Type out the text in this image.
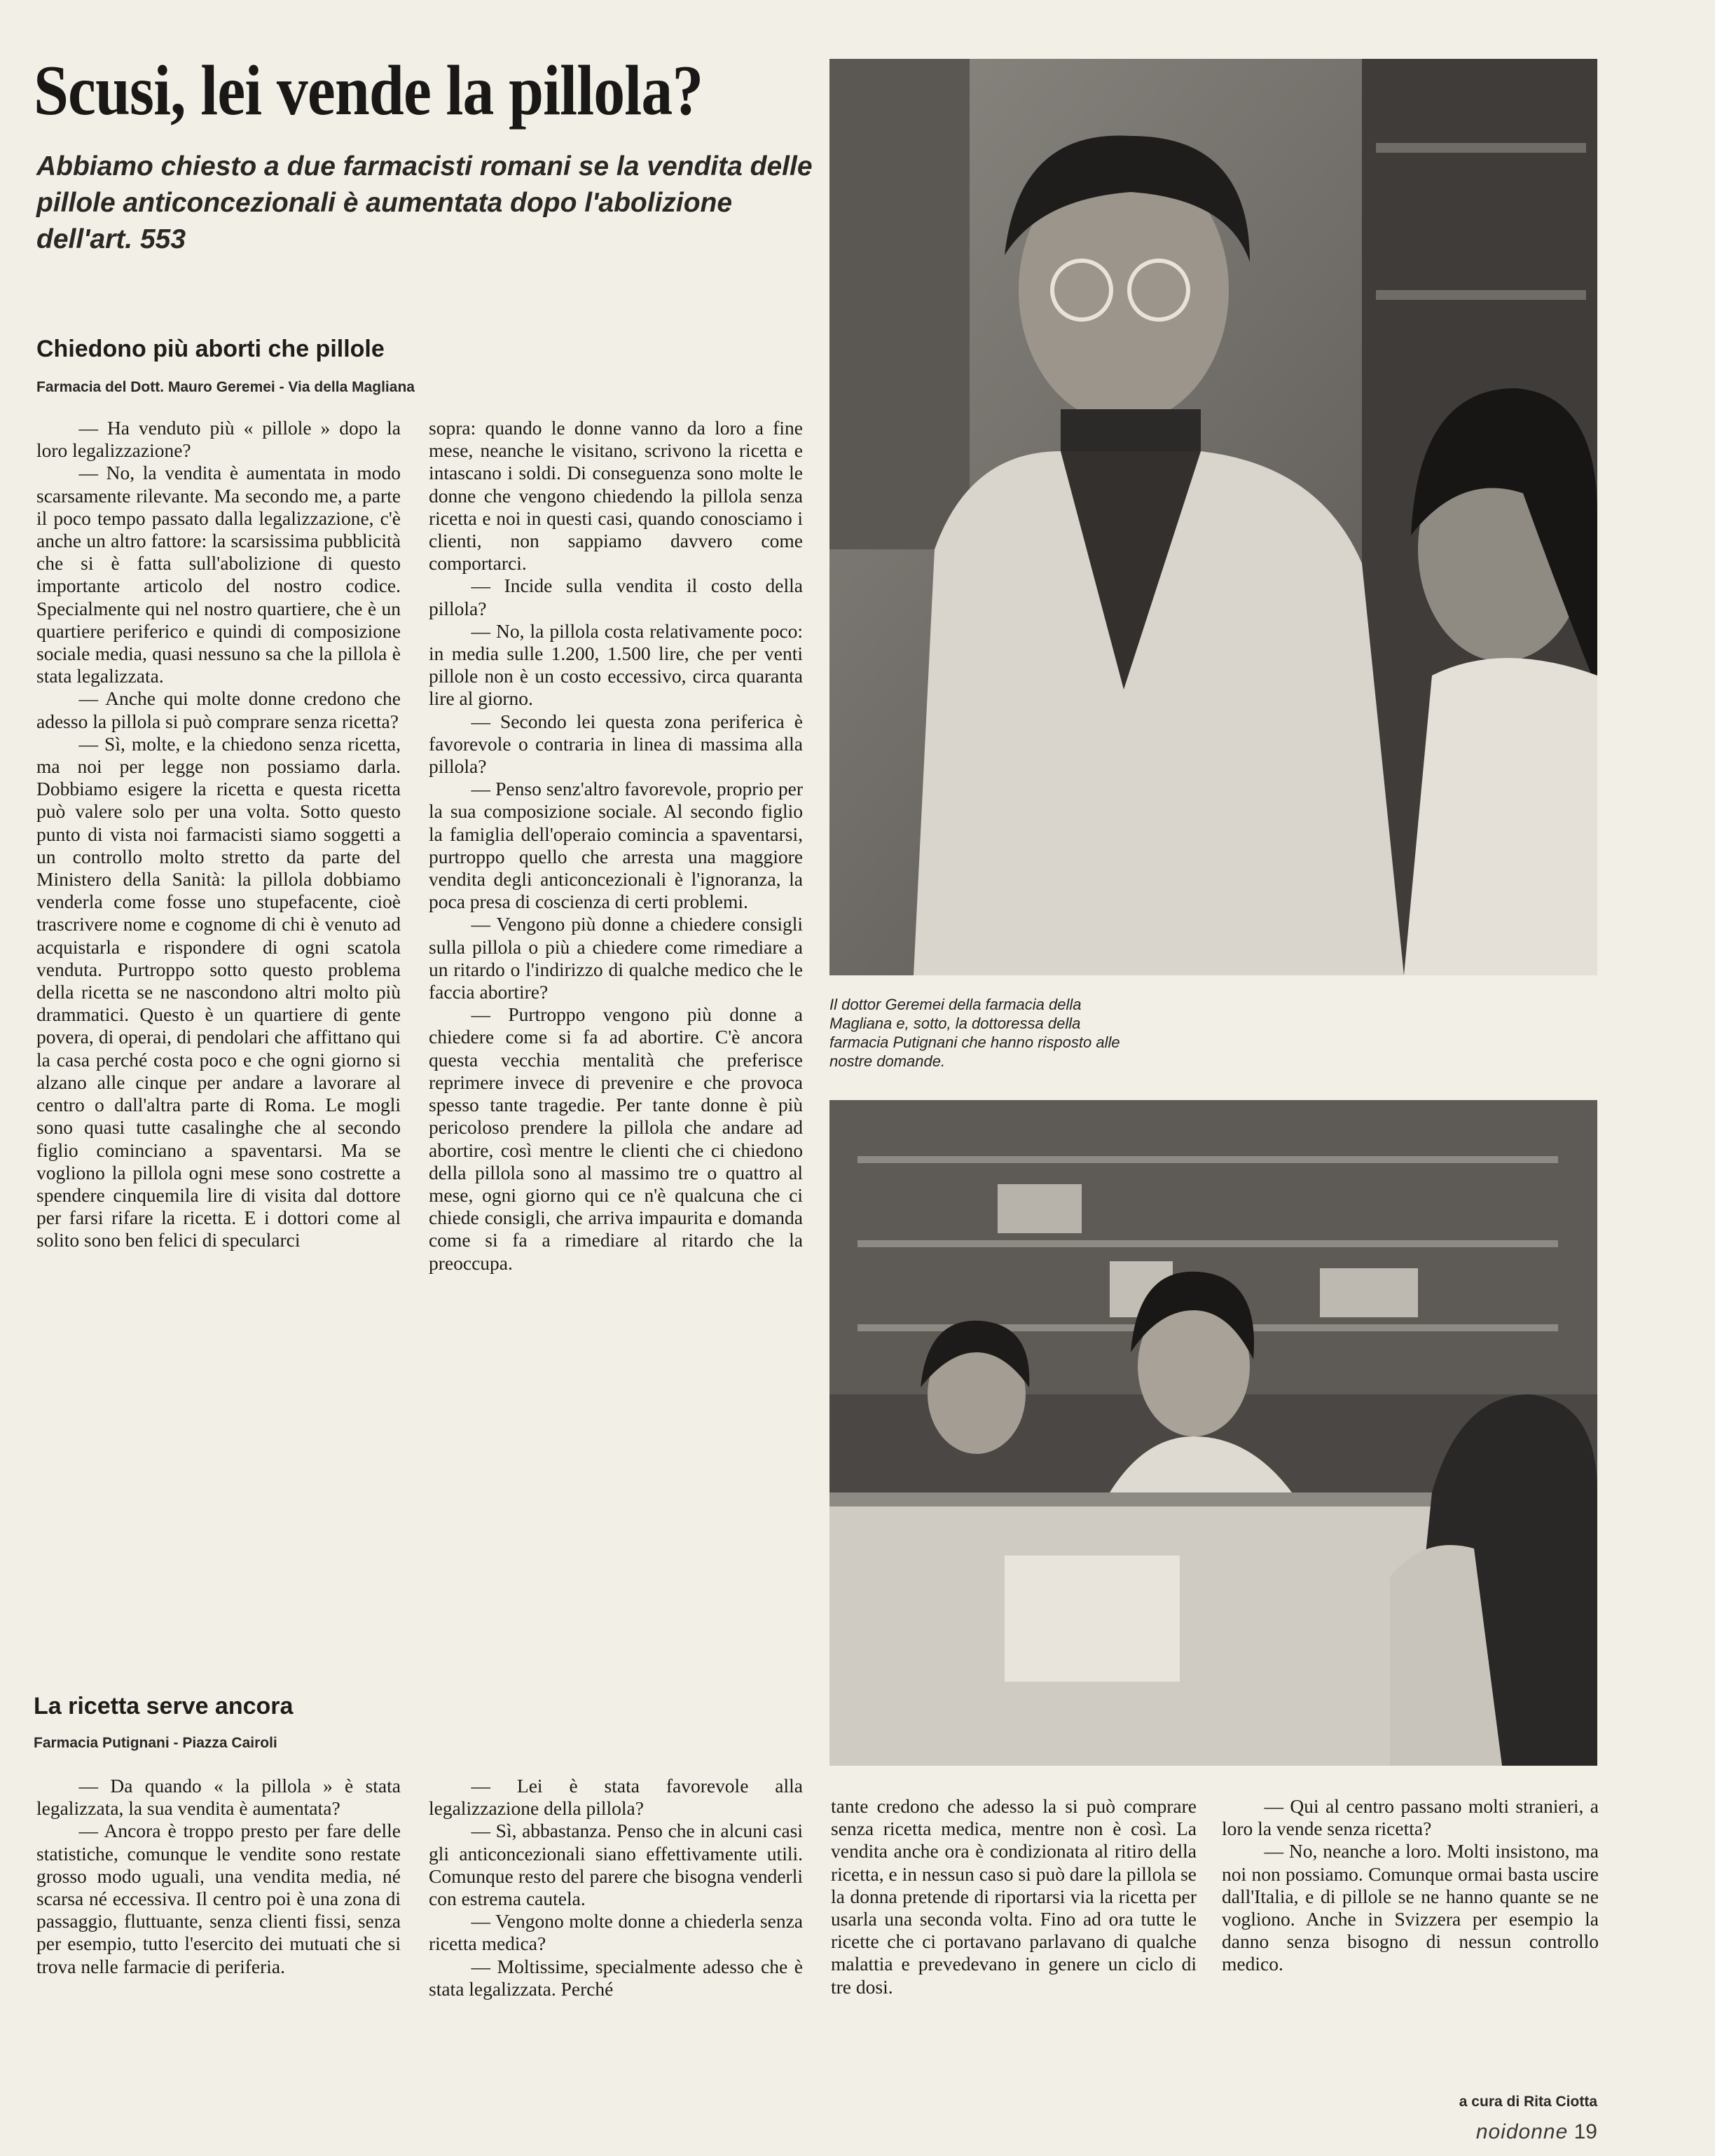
Scusi, lei vende la pillola?

Abbiamo chiesto a due farmacisti romani se la vendita delle pillole anticoncezionali è aumentata dopo l'abolizione dell'art. 553

Chiedono più aborti che pillole

Farmacia del Dott. Mauro Geremei - Via della Magliana

— Ha venduto più « pillole » dopo la loro legalizzazione?

— No, la vendita è aumentata in modo scarsamente rilevante. Ma secondo me, a parte il poco tempo passato dalla legalizzazione, c'è anche un altro fattore: la scarsissima pubblicità che si è fatta sull'abolizione di questo importante articolo del nostro codice. Specialmente qui nel nostro quartiere, che è un quartiere periferico e quindi di composizione sociale media, quasi nessuno sa che la pillola è stata legalizzata.

— Anche qui molte donne credono che adesso la pillola si può comprare senza ricetta?

— Sì, molte, e la chiedono senza ricetta, ma noi per legge non possiamo darla. Dobbiamo esigere la ricetta e questa ricetta può valere solo per una volta. Sotto questo punto di vista noi farmacisti siamo soggetti a un controllo molto stretto da parte del Ministero della Sanità: la pillola dobbiamo venderla come fosse uno stupefacente, cioè trascrivere nome e cognome di chi è venuto ad acquistarla e rispondere di ogni scatola venduta. Purtroppo sotto questo problema della ricetta se ne nascondono altri molto più drammatici. Questo è un quartiere di gente povera, di operai, di pendolari che affittano qui la casa perché costa poco e che ogni giorno si alzano alle cinque per andare a lavorare al centro o dall'altra parte di Roma. Le mogli sono quasi tutte casalinghe che al secondo figlio cominciano a spaventarsi. Ma se vogliono la pillola ogni mese sono costrette a spendere cinquemila lire di visita dal dottore per farsi rifare la ricetta. E i dottori come al solito sono ben felici di specularci

sopra: quando le donne vanno da loro a fine mese, neanche le visitano, scrivono la ricetta e intascano i soldi. Di conseguenza sono molte le donne che vengono chiedendo la pillola senza ricetta e noi in questi casi, quando conosciamo i clienti, non sappiamo davvero come comportarci.

— Incide sulla vendita il costo della pillola?

— No, la pillola costa relativamente poco: in media sulle 1.200, 1.500 lire, che per venti pillole non è un costo eccessivo, circa quaranta lire al giorno.

— Secondo lei questa zona periferica è favorevole o contraria in linea di massima alla pillola?

— Penso senz'altro favorevole, proprio per la sua composizione sociale. Al secondo figlio la famiglia dell'operaio comincia a spaventarsi, purtroppo quello che arresta una maggiore vendita degli anticoncezionali è l'ignoranza, la poca presa di coscienza di certi problemi.

— Vengono più donne a chiedere consigli sulla pillola o più a chiedere come rimediare a un ritardo o l'indirizzo di qualche medico che le faccia abortire?

— Purtroppo vengono più donne a chiedere come si fa ad abortire. C'è ancora questa vecchia mentalità che preferisce reprimere invece di prevenire e che provoca spesso tante tragedie. Per tante donne è più pericoloso prendere la pillola che andare ad abortire, così mentre le clienti che ci chiedono della pillola sono al massimo tre o quattro al mese, ogni giorno qui ce n'è qualcuna che ci chiede consigli, che arriva impaurita e domanda come si fa a rimediare al ritardo che la preoccupa.

La ricetta serve ancora

Farmacia Putignani - Piazza Cairoli

— Da quando « la pillola » è stata legalizzata, la sua vendita è aumentata?

— Ancora è troppo presto per fare delle statistiche, comunque le vendite sono restate grosso modo uguali, una vendita media, né scarsa né eccessiva. Il centro poi è una zona di passaggio, fluttuante, senza clienti fissi, senza per esempio, tutto l'esercito dei mutuati che si trova nelle farmacie di periferia.

— Lei è stata favorevole alla legalizzazione della pillola?

— Sì, abbastanza. Penso che in alcuni casi gli anticoncezionali siano effettivamente utili. Comunque resto del parere che bisogna venderli con estrema cautela.

— Vengono molte donne a chiederla senza ricetta medica?

— Moltissime, specialmente adesso che è stata legalizzata. Perché

tante credono che adesso la si può comprare senza ricetta medica, mentre non è così. La vendita anche ora è condizionata al ritiro della ricetta, e in nessun caso si può dare la pillola se la donna pretende di riportarsi via la ricetta per usarla una seconda volta. Fino ad ora tutte le ricette che ci portavano parlavano di qualche malattia e prevedevano in genere un ciclo di tre dosi.

— Qui al centro passano molti stranieri, a loro la vende senza ricetta?

— No, neanche a loro. Molti insistono, ma noi non possiamo. Comunque ormai basta uscire dall'Italia, e di pillole se ne hanno quante se ne vogliono. Anche in Svizzera per esempio la danno senza bisogno di nessun controllo medico.

Il dottor Geremei della farmacia della Magliana e, sotto, la dottoressa della farmacia Putignani che hanno risposto alle nostre domande.

a cura di Rita Ciotta

noidonne 19
